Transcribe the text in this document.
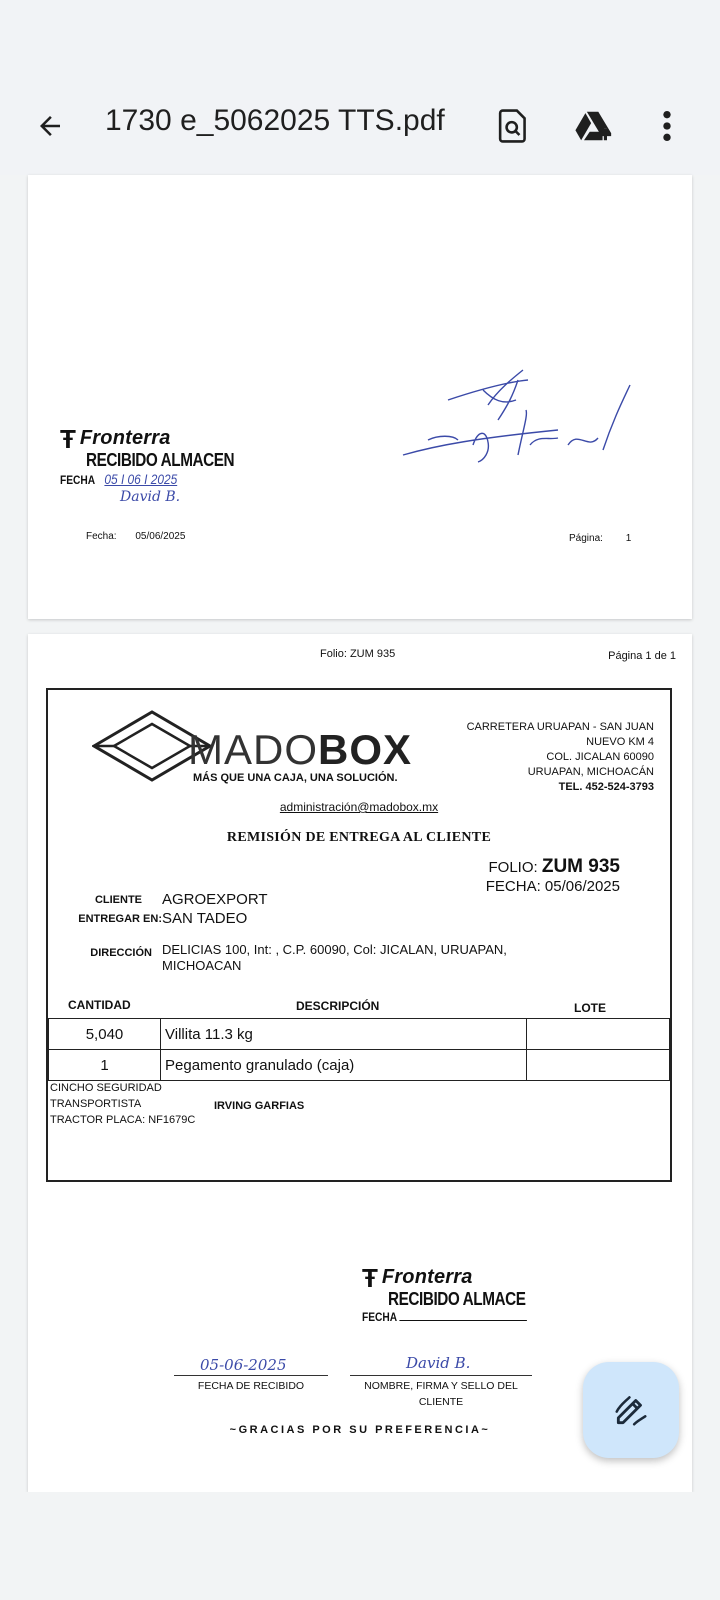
1730 e_5062025 TTS.pdf
Ŧ Fronterra
RECIBIDO ALMACEN
FECHA 05 I 06 I 2025
David B.
Fecha: 05/06/2025	Página: 1
Folio: ZUM 935	Página 1 de 1
MADOBOX
MÁS QUE UNA CAJA, UNA SOLUCIÓN.
CARRETERA URUAPAN - SAN JUAN
NUEVO KM 4
COL. JICALAN 60090
URUAPAN, MICHOACÁN
TEL. 452-524-3793
administración@madobox.mx
REMISIÓN DE ENTREGA AL CLIENTE
FOLIO: ZUM 935
FECHA: 05/06/2025
CLIENTE AGROEXPORT
ENTREGAR EN: SAN TADEO
DIRECCIÓN DELICIAS 100, Int: , C.P. 60090, Col: JICALAN, URUAPAN, MICHOACAN
CANTIDAD	DESCRIPCIÓN	LOTE
5,040	Villita 11.3 kg	
1	Pegamento granulado (caja)	
CINCHO SEGURIDAD
TRANSPORTISTA	IRVING GARFIAS
TRACTOR PLACA: NF1679C
Ŧ Fronterra
RECIBIDO ALMACE
FECHA
05-06-2025
FECHA DE RECIBIDO
David B.
NOMBRE, FIRMA Y SELLO DEL
CLIENTE
~GRACIAS POR SU PREFERENCIA~
